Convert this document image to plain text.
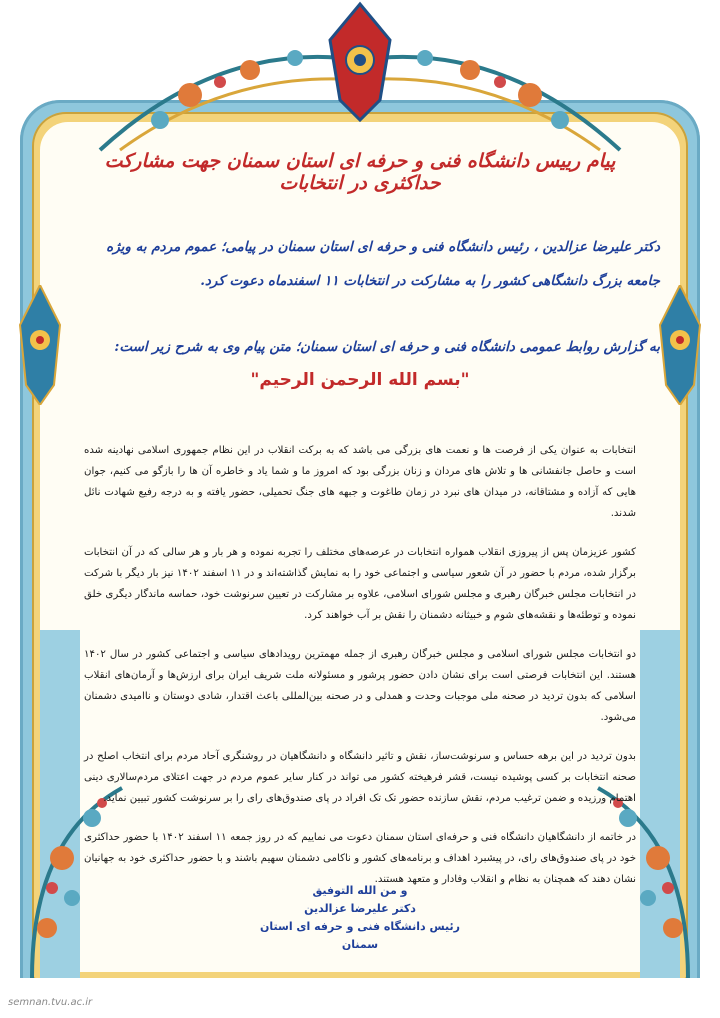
پیام رییس دانشگاه فنی و حرفه ای استان سمنان جهت مشارکت حداکثری در انتخابات

دکتر علیرضا عزالدین ، رئیس دانشگاه فنی و حرفه ای استان سمنان در پیامی؛ عموم مردم به ویژه جامعه بزرگ دانشگاهی کشور را به مشارکت در انتخابات ۱۱ اسفندماه دعوت کرد.

به گزارش روابط عمومی دانشگاه فنی و حرفه ای استان سمنان؛ متن پیام وی به شرح زیر است:

"بسم الله الرحمن الرحیم"

انتخابات به عنوان یکی از فرصت ها و نعمت های بزرگی می باشد که به برکت انقلاب در این نظام جمهوری اسلامی نهادینه شده است و حاصل جانفشانی ها و تلاش های مردان و زنان بزرگی بود که امروز ما و شما یاد و خاطره آن ها را بازگو می کنیم، جوان هایی که آزاده و مشتاقانه، در میدان های نبرد در زمان طاغوت و جبهه های جنگ تحمیلی، حضور یافته و به درجه رفیع شهادت نائل شدند.

کشور عزیزمان پس از پیروزی انقلاب همواره انتخابات در عرصه‌های مختلف را تجربه نموده و هر بار و هر سالی که در آن انتخابات برگزار شده، مردم با حضور در آن شعور سیاسی و اجتماعی خود را به نمایش گذاشته‌اند و در ۱۱ اسفند ۱۴۰۲ نیز بار دیگر با شرکت در انتخابات مجلس خبرگان رهبری و مجلس شورای اسلامی، علاوه بر مشارکت در تعیین سرنوشت خود، حماسه ماندگار دیگری خلق نموده و توطئه‌ها و نقشه‌های شوم و خبیثانه دشمنان را نقش بر آب خواهند کرد.

دو انتخابات مجلس شورای اسلامی و مجلس خبرگان رهبری از جمله مهمترین رویدادهای سیاسی و اجتماعی کشور در سال ۱۴۰۲ هستند. این انتخابات فرصتی است برای نشان دادن حضور پرشور و مسئولانه ملت شریف ایران برای ارزش‌ها و آرمان‌های انقلاب اسلامی که بدون تردید در صحنه ملی موجبات وحدت و همدلی و در صحنه بین‌المللی باعث اقتدار، شادی دوستان و ناامیدی دشمنان می‌شود.

بدون تردید در این برهه حساس و سرنوشت‌ساز، نقش و تاثیر دانشگاه و دانشگاهیان در روشنگری آحاد مردم برای انتخاب اصلح در صحنه انتخابات بر کسی پوشیده نیست، قشر فرهیخته کشور می تواند در کنار سایر عموم مردم در جهت اعتلای مردم‌سالاری دینی اهتمام ورزیده و ضمن ترغیب مردم، نقش سازنده حضور تک تک افراد در پای صندوق‌های رای را بر سرنوشت کشور تبیین نماید.

در خاتمه از دانشگاهیان دانشگاه فنی و حرفه‌ای استان سمنان دعوت می نماییم که در روز جمعه ۱۱ اسفند ۱۴۰۲ با حضور حداکثری خود در پای صندوق‌های رای، در پیشبرد اهداف و برنامه‌های کشور و ناکامی دشمنان سهیم باشند و با حضور حداکثری خود به جهانیان نشان دهند که همچنان به نظام و انقلاب وفادار و متعهد هستند.

و من الله التوفیق
دکتر علیرضا عزالدین
رئیس دانشگاه فنی و حرفه ای استان سمنان
semnan.tvu.ac.ir
